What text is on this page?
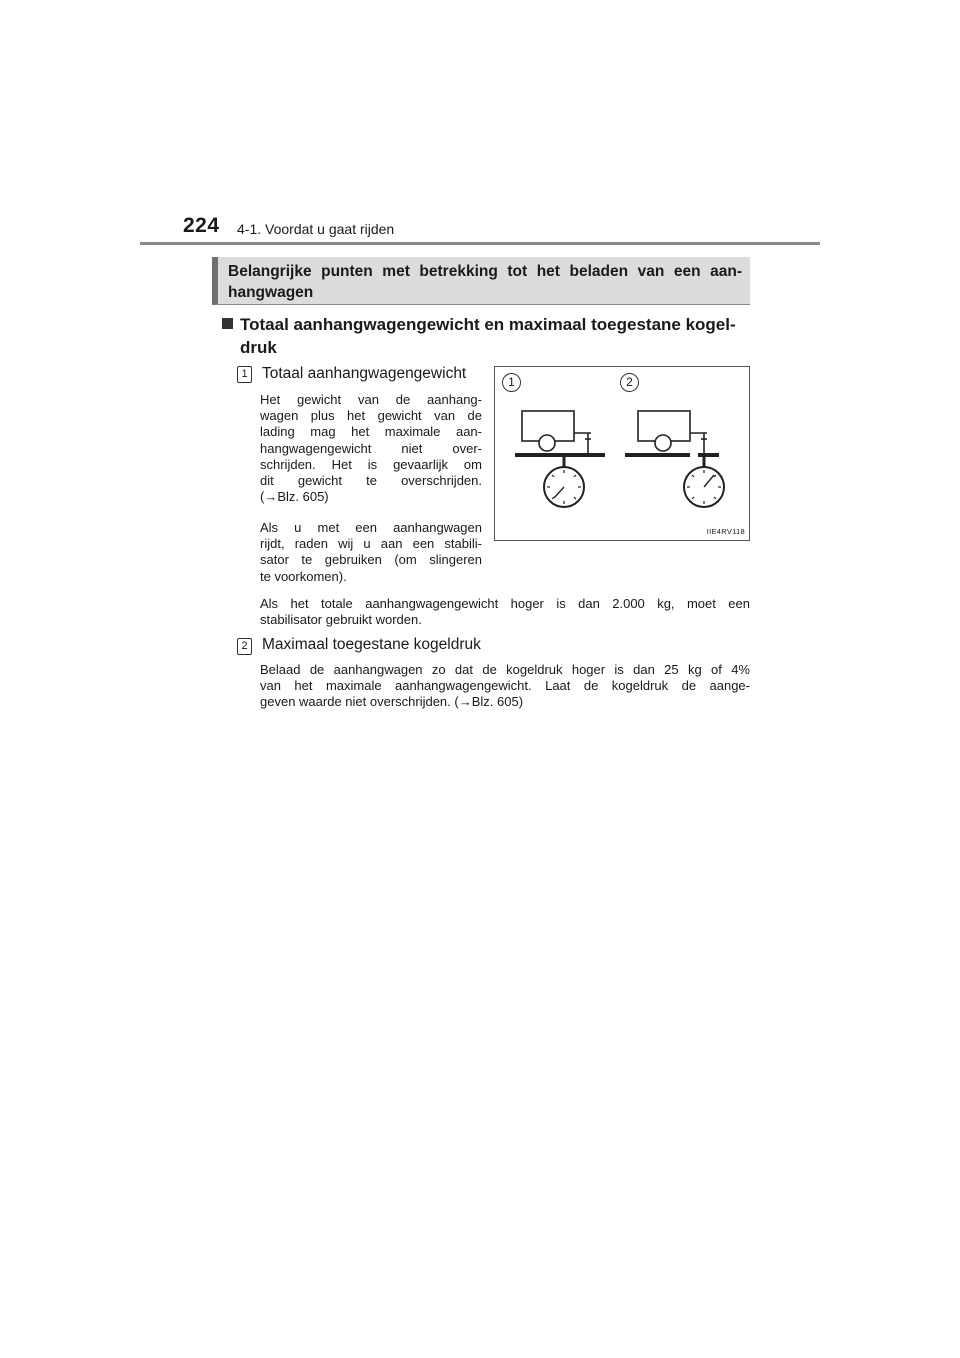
224 4-1. Voordat u gaat rijden
Belangrijke punten met betrekking tot het beladen van een aan-hangwagen
Totaal aanhangwagengewicht en maximaal toegestane kogel-
druk
1 Totaal aanhangwagengewicht
Het gewicht van de aanhang-
wagen plus het gewicht van de
lading mag het maximale aan-
hangwagengewicht niet over-
schrijden. Het is gevaarlijk om
dit gewicht te overschrijden.
(→Blz. 605)
Als u met een aanhangwagen
rijdt, raden wij u aan een stabili-
sator te gebruiken (om slingeren
te voorkomen).
Als het totale aanhangwagengewicht hoger is dan 2.000 kg, moet een
stabilisator gebruikt worden.
2 Maximaal toegestane kogeldruk
Belaad de aanhangwagen zo dat de kogeldruk hoger is dan 25 kg of 4%
van het maximale aanhangwagengewicht. Laat de kogeldruk de aange-
geven waarde niet overschrijden. (→Blz. 605)
1	2
IIE4RV118
